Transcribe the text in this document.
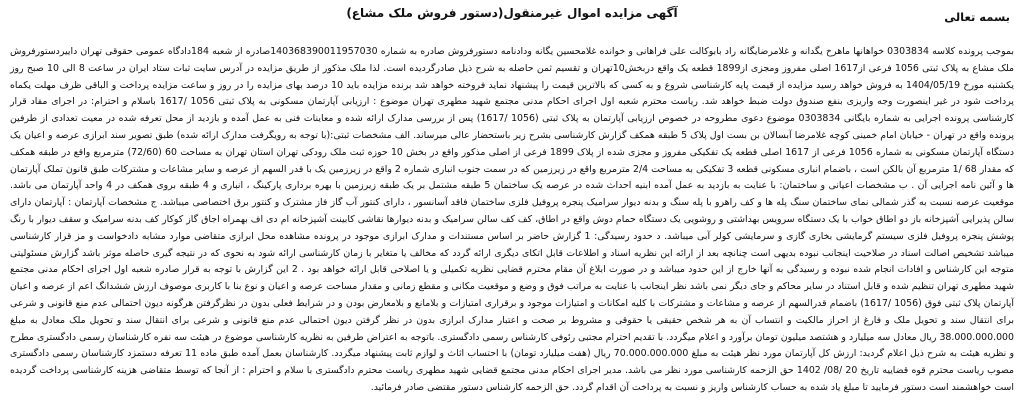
بسمه تعالی
آگهی مزایده اموال غیرمنقول(دستور فروش ملک مشاع)
بموجب پرونده کلاسه 0303834 خواهانها ماهرخ یگدانه و غلامرضایگانه راد بابوکالت علی فراهانی و خوانده غلامحسین یگانه ودادنامه دستورفروش صادره به شماره 140368390011957030صادره از شعبه 184دادگاه عمومی حقوقی تهران داییردستورفروش ملک مشاع به پلاک ثبتی 1056 فرعی از1617 اصلی مفروز ومجزی از1899 قطعه یک واقع دربخش10تهران و تقسیم ثمن حاصله به شرح ذیل صادرگردیده است. لذا ملک مذکور از طریق مزایده در آدرس سایت ثبات ستاد ایران در ساعت 8 الی 10 صبح روز یکشنبه مورخ 1404/05/19 به فروش خواهد رسید مزایده از قیمت پایه کارشناسی شروع و به کسی که بالاترین قیمت را پیشنهاد نماید فروخته خواهد شد برنده مزایده باید 10 درصد بهای مزایده را در روز و ساعت مزایده پرداخت و الباقی ظرف مهلت یکماه پرداخت شود در غیر اینصورت وجه واریزی بنفع صندوق دولت ضبط خواهد شد. ریاست محترم شعبه اول اجرای احکام مدنی مجتمع شهید مطهری تهران موضوع : ارزیابی آپارتمان مسکونی به پلاک ثبتی 1056 /1617 باسلام و احترام: در اجرای مفاد قرار کارشناسی پرونده اجرایی به شماره بایگانی 0303834 موضوع دعوی مطروحه در خصوص ارزیابی آپارتمان به پلاک ثبتی (1056 /1617) پس از بررسی مدارک ارائه شده و معاینات فنی به عمل آمده و بازدید از محل تعرفه شده در معیت تعدادی از طرفین پرونده واقع در تهران - خیابان امام خمینی کوچه غلامرضا آبسالان بن بست اول پلاک 5 طبقه همکف گزارش کارشناسی بشرح زیر باستحضار عالی میرساند. الف مشخصات ثبتی:(با توجه به رویگرفت مدارک ارائه شده) طبق تصویر سند ابرازی عرصه و اعیان یک دستگاه آپارتمان مسکونی به شماره 1056 فرعی از 1617 اصلی قطعه یک تفکیکی مفروز و مجزی شده از پلاک 1899 فرعی از اصلی مذکور واقع در بخش 10 حوزه ثبت ملک رودکی تهران استان تهران به مساحت 60 (72/60) مترمربع واقع در طبقه همکف که مقدار 68 /1 مترمربع آن بالکن است ، باضمام انباری مسکونی قطعه 3 تفکیکی به مساحت 2/4 مترمربع واقع در زیرزمین که در سمت جنوب انباری شماره 2 واقع در زیرزمین یک با قدر السهم از عرصه و سایر مشاعات و مشترکات طبق قانون تملک آپارتمان ها و آئین نامه اجرایی آن . ب مشخصات اعیانی و ساختمان: با عنایت به بازدید به عمل آمده ابنیه احداث شده در عرصه یک ساختمان 5 طبقه مشتمل بر یک طبقه زیرزمین با بهره برداری پارکینگ ، انباری و 4 طبقه بروی همکف در 4 واحد آپارتمان می باشد. موقعیت عرصه نسبت به گذر شمالی نمای ساختمان سنگ پله ها و کف راهرو با پله سنگ و بدنه دیوار سرامیک پنجره پروفیل فلزی ساختمان فاقد آسانسور ، دارای کنتور آب گاز فاز مشترک و کنتور برق اختصاصی میباشد. ج مشخصات آپارتمان : آپارتمان دارای سالن پذیرایی آشپزخانه باز دو اطاق خواب با یک دستگاه سرویس بهداشتی و روشویی یک دستگاه حمام دوش واقع در اطاق، کف کف سالن سرامیک و بدنه دیوارها نقاشی کابینت آشپزخانه ام دی اف بهمراه اجاق گاز کوکار کف بدنه سرامیک و سقف دیوار با رنگ پوشش پنجره پروفیل فلزی سیستم گرمایشی بخاری گازی و سرمایشی کولر آبی میباشد. د حدود رسیدگی: 1 گزارش حاضر بر اساس مستندات و مدارک ابرازی موجود در پرونده مشاهده محل ابرازی متقاضی موارد مشابه دادخواست و مز قرار کارشناسی میباشد تشخیص اصالت اسناد در صلاحیت اینجانب نبوده بدیهی است چنانچه بعد از ارائه این نظریه اسناد و اطلاعات قابل اتکای دیگری ارائه گردد که مخالف یا متغایر با زمان کارشناسی ارائه شود به نحوی که در نتیجه گیری حاصله موثر باشد گزارش مسئولیتی متوجه این کارشناس و افادات انجام شده نبوده و رسیدگی به آنها خارج از این حدود میباشد و در صورت ابلاغ آن مقام محترم قضایی نظریه تکمیلی و یا اصلاحی قابل ارائه خواهد بود . 2 این گزارش با توجه به قرار صادره شعبه اول اجرای احکام مدنی مجتمع شهید مطهری تهران تنظیم شده و قابل استناد در سایر محاکم و جای دیگر نمی باشد نظر اینجانب با عنایت به مراتب فوق و وضع و موقعیت مکانی و مقطع زمانی و مقدار مساحت عرصه و اعیان و نوع بنا با کاربری موصوف ارزش ششدانگ اعم از عرصه و اعیان آپارتمان پلاک ثبتی فوق (1056 /1617) باضمام قدرالسهم از عرصه و مشاعات و مشترکات با کلیه امکانات و امتیازات موجود و برقراری امتیازات و بلامانع و بلامعارض بودن و در شرایط فعلی بدون در نظرگرفتن هرگونه دیون احتمالی عدم منع قانونی و شرعی برای انتقال سند و تحویل ملک و فارغ از احراز مالکیت و انتساب آن به هر شخص حقیقی یا حقوقی و مشروط بر صحت و اعتبار مدارک ابرازی بدون در نظر گرفتن دیون احتمالی عدم منع قانونی و شرعی برای انتقال سند و تحویل ملک معادل به مبلغ 38.000.000.000 ریال معادل سه میلیارد و هشتصد میلیون تومان برآورد و اعلام میگردد. با تقدیم احترام مجتبی رئوفی کارشناس رسمی دادگستری. باتوجه به اعتراض طرفین به نظریه کارشناسی موضوع در هیئت سه نفره کارشناسان رسمی دادگستری مطرح و نظریه هیئت به شرح ذیل اعلام گردید: ارزش کل آپارتمان مورد نظر هیئت به مبلغ 70.000.000.000 ریال (هفت میلیارد تومان) با احتساب اثاث و لوازم ثابت پیشنهاد میگردد. کارشناسان بعمل آمده طبق ماده 11 تعرفه دستمزد کارشناسان رسمی دادگستری مصوب ریاست محترم قوه قضاییه تاریخ 20 /08/ 1402 حق الزحمه کارشناسی مورد نظر می باشد. مدیر اجرای احکام مدنی مجتمع قضایی شهید مطهری ریاست محترم دادگستری با سلام و احترام : از آنجا که توسط متقاضی هزینه کارشناسی پرداخت گردیده است خواهشمند است دستور فرمایید تا مبلغ یاد شده به حساب کارشناس واریز و نسبت به پرداخت آن اقدام گردد. حق الزحمه کارشناس دستور مقتضی صادر فرمائید.
